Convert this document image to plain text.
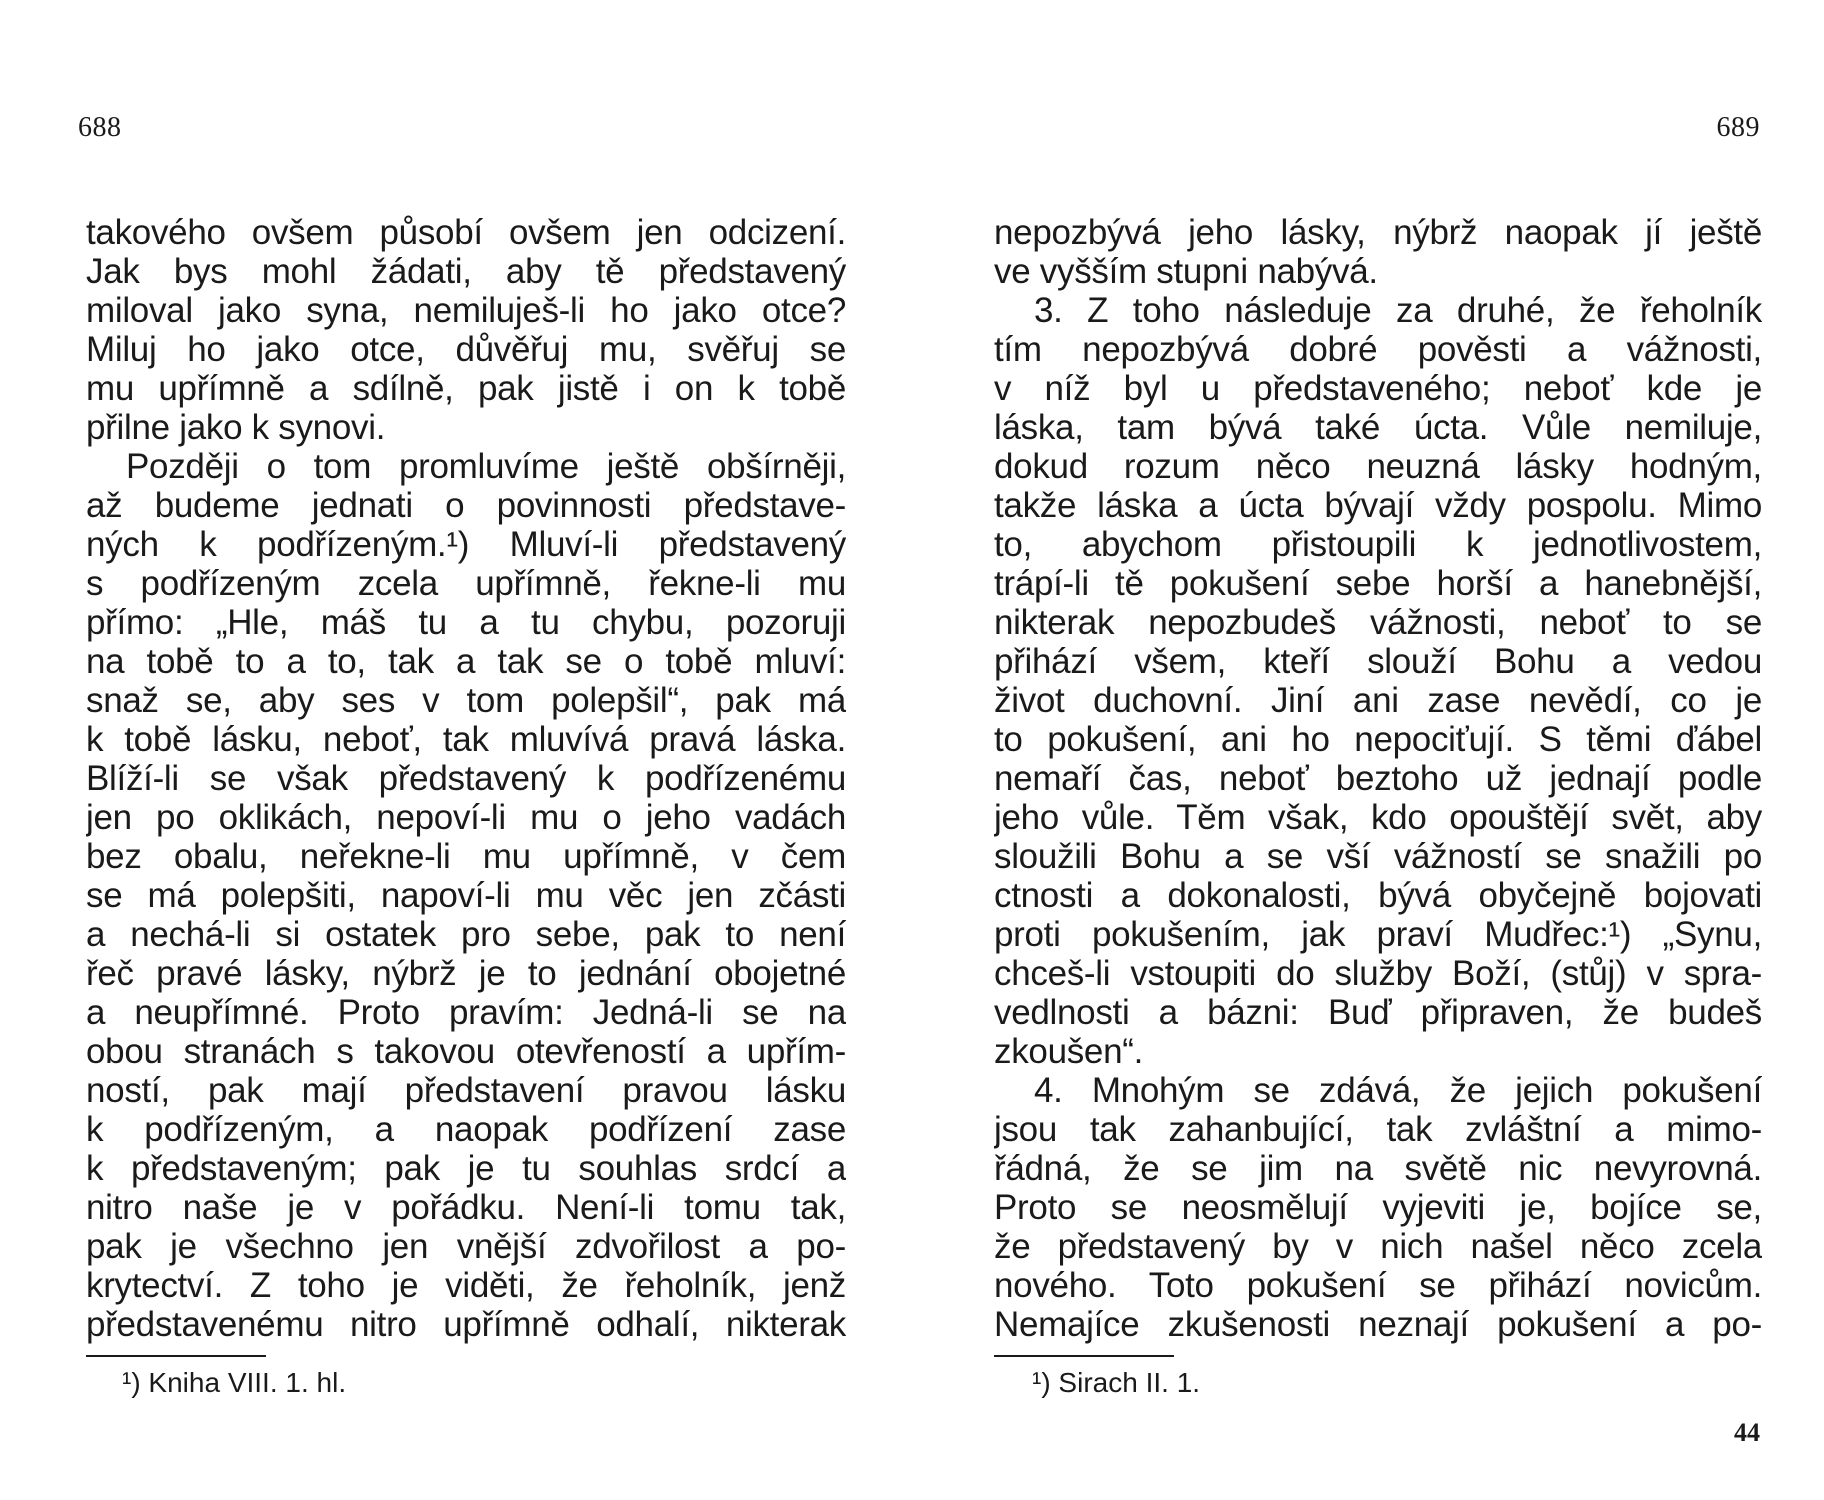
688
takového ovšem působí ovšem jen odcizení.
Jak bys mohl žádati, aby tě představený
miloval jako syna, nemiluješ-li ho jako otce?
Miluj ho jako otce, důvěřuj mu, svěřuj se
mu upřímně a sdílně, pak jistě i on k tobě
přilne jako k synovi.
Později o tom promluvíme ještě obšírněji,
až budeme jednati o povinnosti představe-
ných k podřízeným.¹) Mluví-li představený
s podřízeným zcela upřímně, řekne-li mu
přímo: „Hle, máš tu a tu chybu, pozoruji
na tobě to a to, tak a tak se o tobě mluví:
snaž se, aby ses v tom polepšil“, pak má
k tobě lásku, neboť, tak mluvívá pravá láska.
Blíží-li se však představený k podřízenému
jen po oklikách, nepoví-li mu o jeho vadách
bez obalu, neřekne-li mu upřímně, v čem
se má polepšiti, napoví-li mu věc jen zčásti
a nechá-li si ostatek pro sebe, pak to není
řeč pravé lásky, nýbrž je to jednání obojetné
a neupřímné. Proto pravím: Jedná-li se na
obou stranách s takovou otevřeností a upřím-
ností, pak mají představení pravou lásku
k podřízeným, a naopak podřízení zase
k představeným; pak je tu souhlas srdcí a
nitro naše je v pořádku. Není-li tomu tak,
pak je všechno jen vnější zdvořilost a po-
krytectví. Z toho je viděti, že řeholník, jenž
představenému nitro upřímně odhalí, nikterak
¹) Kniha VIII. 1. hl.
689
nepozbývá jeho lásky, nýbrž naopak jí ještě
ve vyšším stupni nabývá.
3. Z toho následuje za druhé, že řeholník
tím nepozbývá dobré pověsti a vážnosti,
v níž byl u představeného; neboť kde je
láska, tam bývá také úcta. Vůle nemiluje,
dokud rozum něco neuzná lásky hodným,
takže láska a úcta bývají vždy pospolu. Mimo
to, abychom přistoupili k jednotlivostem,
trápí-li tě pokušení sebe horší a hanebnější,
nikterak nepozbudeš vážnosti, neboť to se
přihází všem, kteří slouží Bohu a vedou
život duchovní. Jiní ani zase nevědí, co je
to pokušení, ani ho nepociťují. S těmi ďábel
nemaří čas, neboť beztoho už jednají podle
jeho vůle. Těm však, kdo opouštějí svět, aby
sloužili Bohu a se vší vážností se snažili po
ctnosti a dokonalosti, bývá obyčejně bojovati
proti pokušením, jak praví Mudřec:¹) „Synu,
chceš-li vstoupiti do služby Boží, (stůj) v spra-
vedlnosti a bázni: Buď připraven, že budeš
zkoušen“.
4. Mnohým se zdává, že jejich pokušení
jsou tak zahanbující, tak zvláštní a mimo-
řádná, že se jim na světě nic nevyrovná.
Proto se neosmělují vyjeviti je, bojíce se,
že představený by v nich našel něco zcela
nového. Toto pokušení se přihází novicům.
Nemajíce zkušenosti neznají pokušení a po-
¹) Sirach II. 1.
44
